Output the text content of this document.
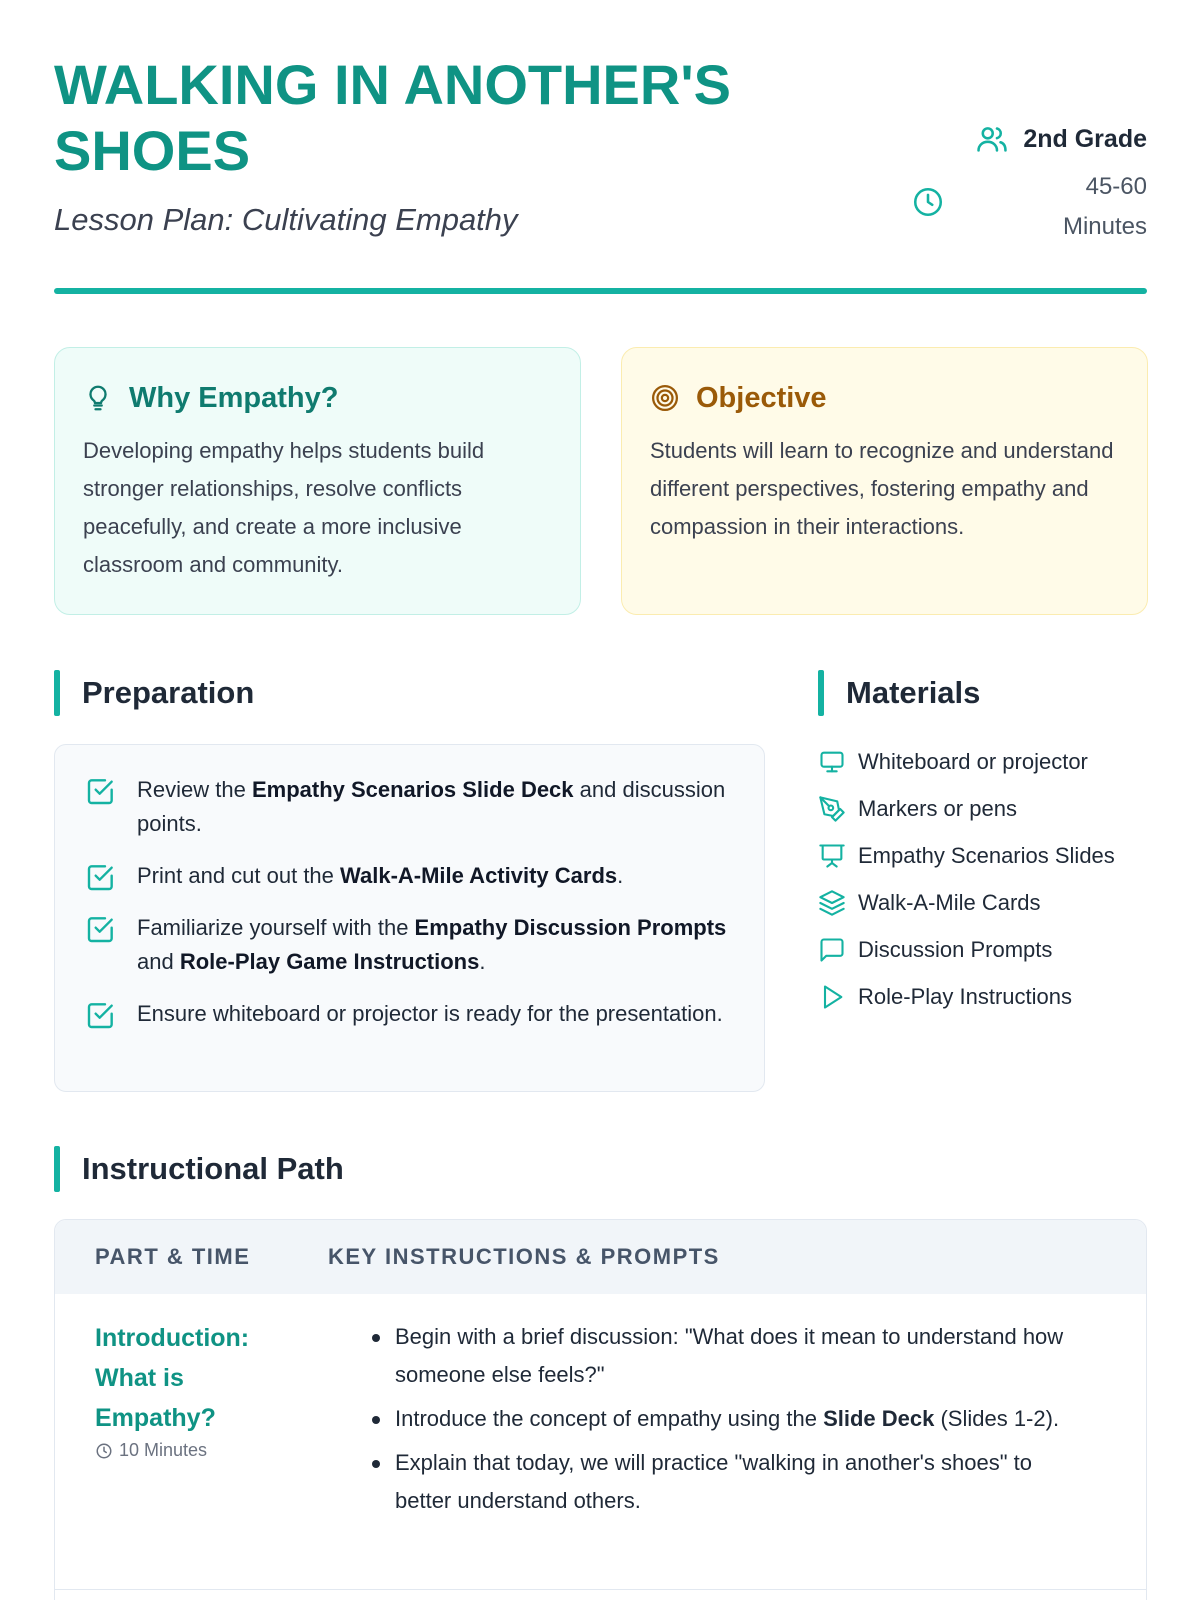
WALKING IN ANOTHER'S SHOES
Lesson Plan: Cultivating Empathy
2nd Grade
45-60
Minutes
Why Empathy?

Developing empathy helps students build stronger relationships, resolve conflicts peacefully, and create a more inclusive classroom and community.

Objective

Students will learn to recognize and understand different perspectives, fostering empathy and compassion in their interactions.

Preparation	Materials
Review the Empathy Scenarios Slide Deck and discussion points.
Print and cut out the Walk-A-Mile Activity Cards.
Familiarize yourself with the Empathy Discussion Prompts and Role-Play Game Instructions.
Ensure whiteboard or projector is ready for the presentation.
Whiteboard or projector
Markers or pens
Empathy Scenarios Slides
Walk-A-Mile Cards
Discussion Prompts
Role-Play Instructions
Instructional Path
PART & TIME	KEY INSTRUCTIONS & PROMPTS
Introduction: What is Empathy?
10 Minutes
Begin with a brief discussion: "What does it mean to understand how someone else feels?"
Introduce the concept of empathy using the Slide Deck (Slides 1-2).
Explain that today, we will practice "walking in another's shoes" to better understand others.
